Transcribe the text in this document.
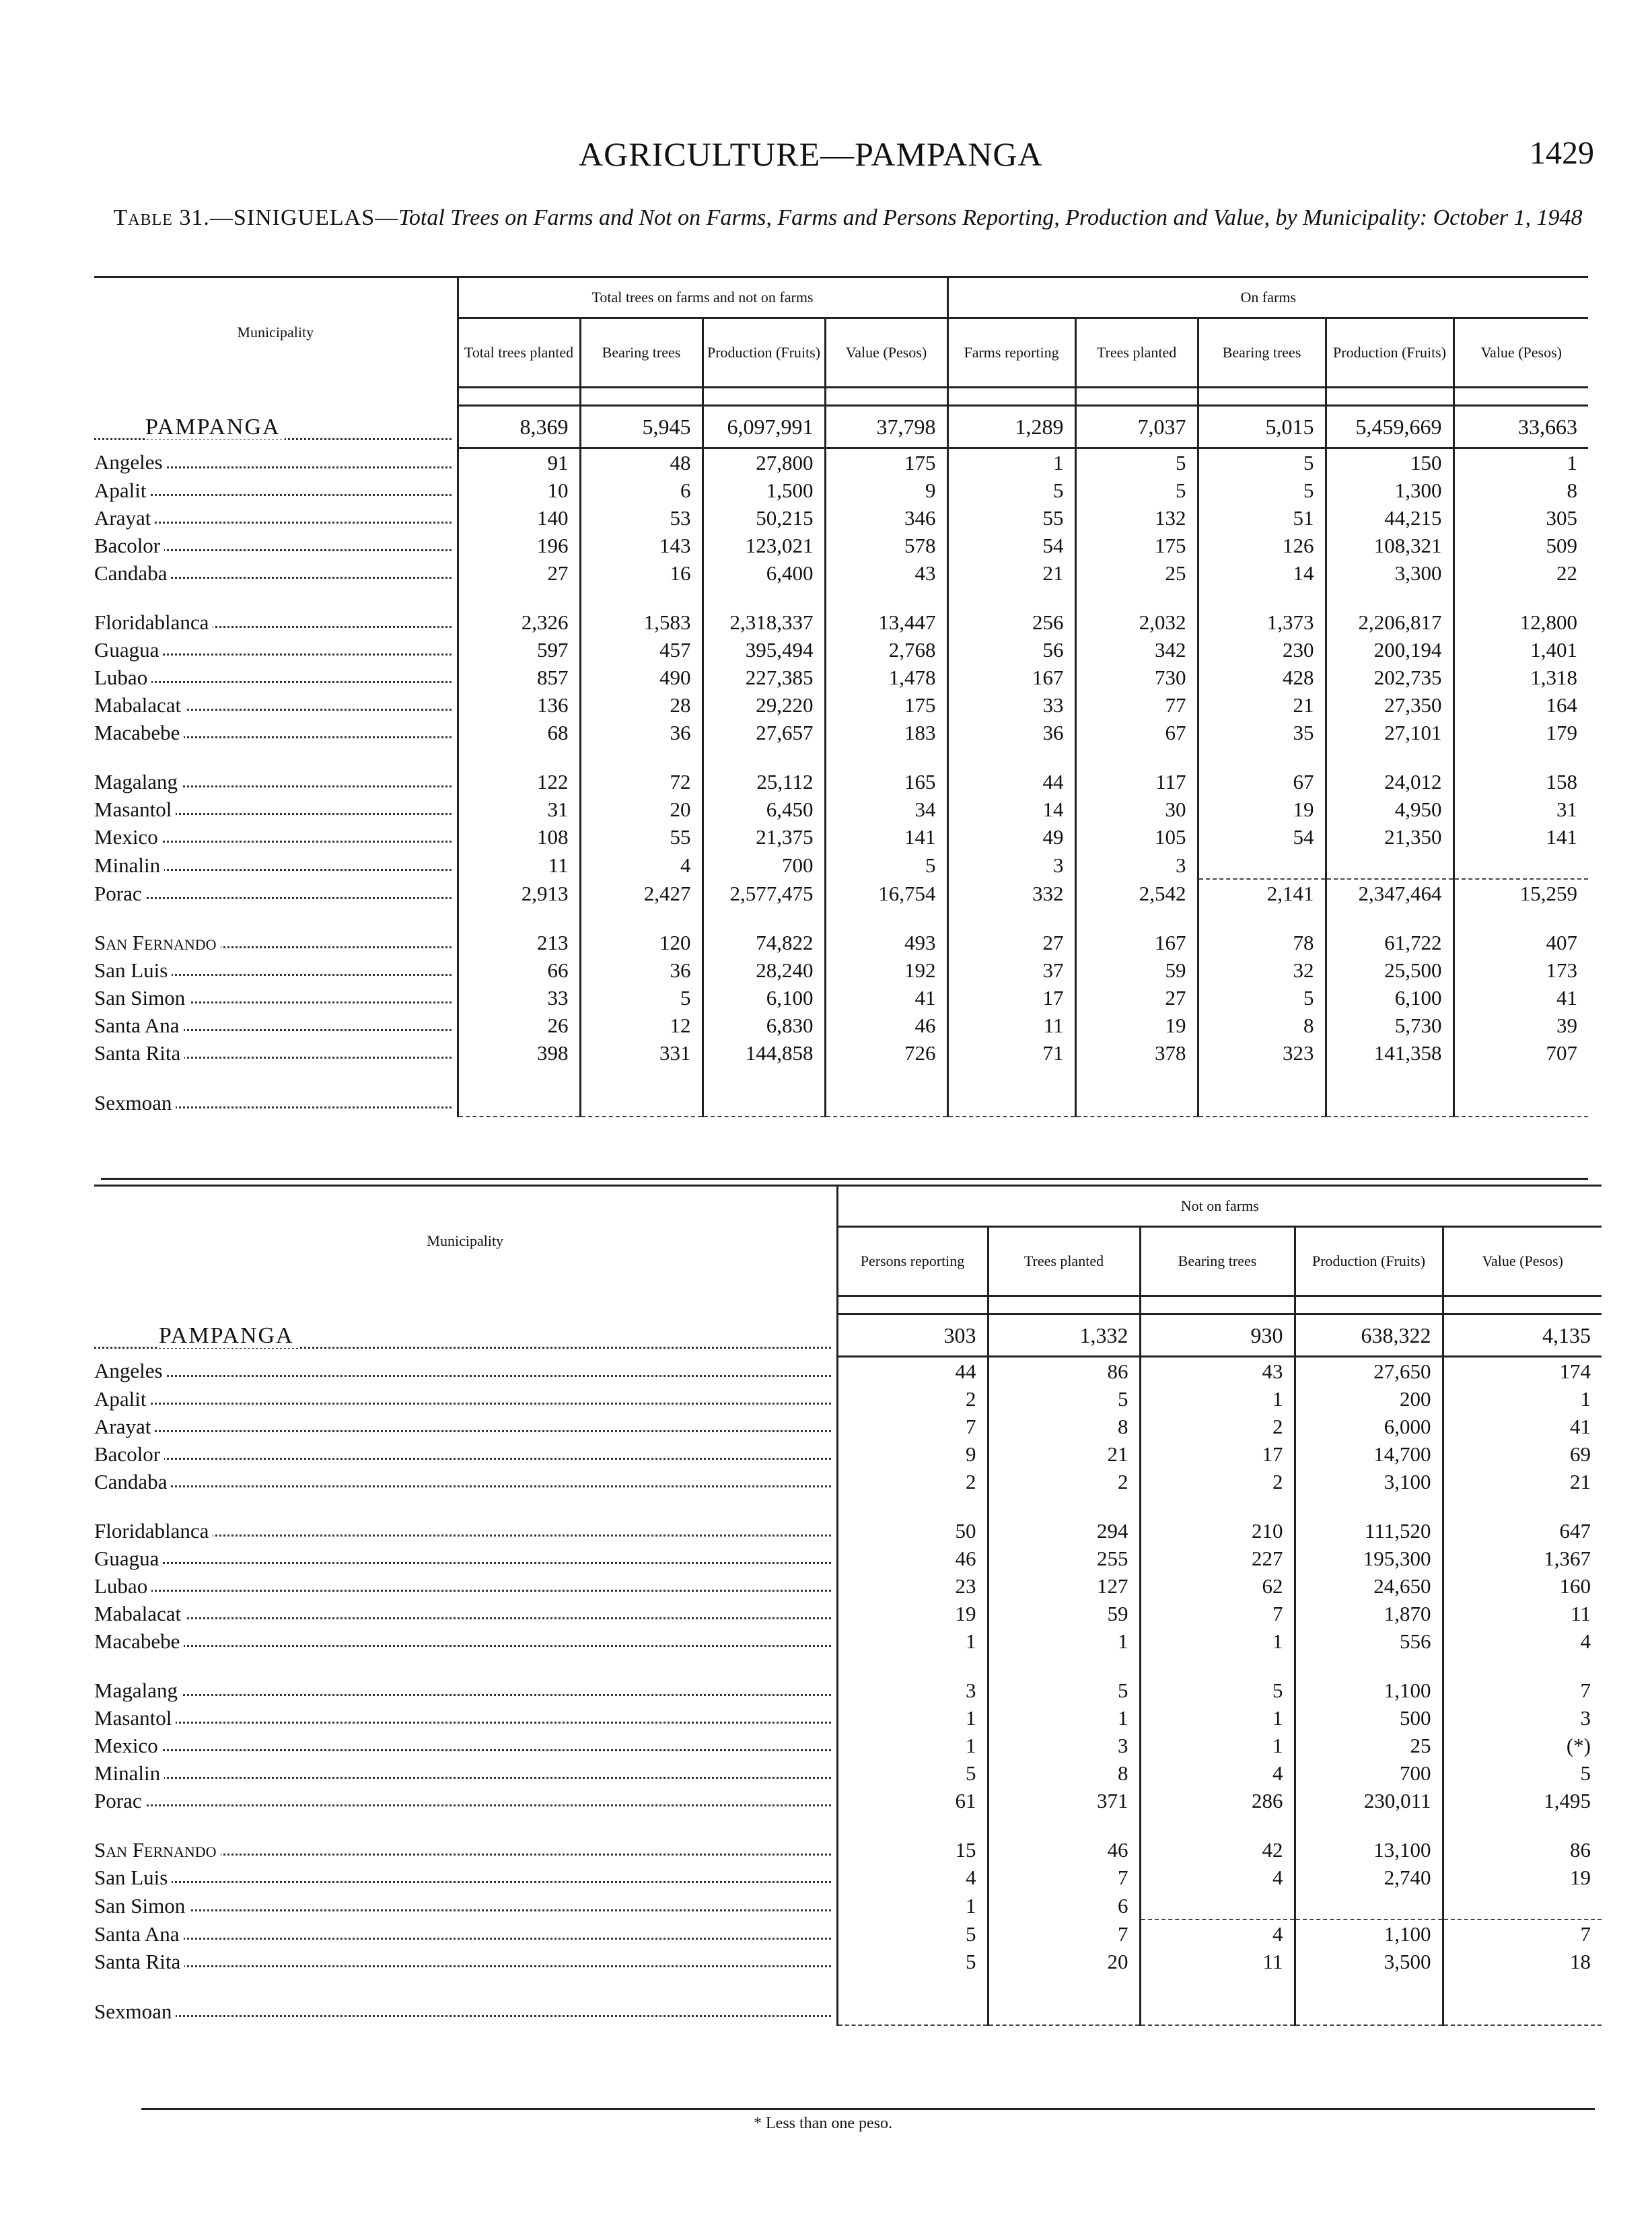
AGRICULTURE—PAMPANGA	1429
Table 31.—SINIGUELAS—Total Trees on Farms and Not on Farms, Farms and Persons Reporting, Production and Value, by Municipality: October 1, 1948
Municipality	Total trees on farms and not on farms				On farms				
	Total trees planted	Bearing trees	Production (Fruits)	Value (Pesos)	Farms reporting	Trees planted	Bearing trees	Production (Fruits)	Value (Pesos)

PAMPANGA	8,369	5,945	6,097,991	37,798	1,289	7,037	5,015	5,459,669	33,663
Angeles	91	48	27,800	175	1	5	5	150	1
Apalit	10	6	1,500	9	5	5	5	1,300	8
Arayat	140	53	50,215	346	55	132	51	44,215	305
Bacolor	196	143	123,021	578	54	175	126	108,321	509
Candaba	27	16	6,400	43	21	25	14	3,300	22

Floridablanca	2,326	1,583	2,318,337	13,447	256	2,032	1,373	2,206,817	12,800
Guagua	597	457	395,494	2,768	56	342	230	200,194	1,401
Lubao	857	490	227,385	1,478	167	730	428	202,735	1,318
Mabalacat	136	28	29,220	175	33	77	21	27,350	164
Macabebe	68	36	27,657	183	36	67	35	27,101	179

Magalang	122	72	25,112	165	44	117	67	24,012	158
Masantol	31	20	6,450	34	14	30	19	4,950	31
Mexico	108	55	21,375	141	49	105	54	21,350	141
Minalin	11	4	700	5	3	3			
Porac	2,913	2,427	2,577,475	16,754	332	2,542	2,141	2,347,464	15,259

San Fernando	213	120	74,822	493	27	167	78	61,722	407
San Luis	66	36	28,240	192	37	59	32	25,500	173
San Simon	33	5	6,100	41	17	27	5	6,100	41
Santa Ana	26	12	6,830	46	11	19	8	5,730	39
Santa Rita	398	331	144,858	726	71	378	323	141,358	707

Sexmoan									
Municipality	Not on farms				
	Persons reporting	Trees planted	Bearing trees	Production (Fruits)	Value (Pesos)

PAMPANGA	303	1,332	930	638,322	4,135
Angeles	44	86	43	27,650	174
Apalit	2	5	1	200	1
Arayat	7	8	2	6,000	41
Bacolor	9	21	17	14,700	69
Candaba	2	2	2	3,100	21

Floridablanca	50	294	210	111,520	647
Guagua	46	255	227	195,300	1,367
Lubao	23	127	62	24,650	160
Mabalacat	19	59	7	1,870	11
Macabebe	1	1	1	556	4

Magalang	3	5	5	1,100	7
Masantol	1	1	1	500	3
Mexico	1	3	1	25	(*)
Minalin	5	8	4	700	5
Porac	61	371	286	230,011	1,495

San Fernando	15	46	42	13,100	86
San Luis	4	7	4	2,740	19
San Simon	1	6			
Santa Ana	5	7	4	1,100	7
Santa Rita	5	20	11	3,500	18

Sexmoan					
* Less than one peso.
